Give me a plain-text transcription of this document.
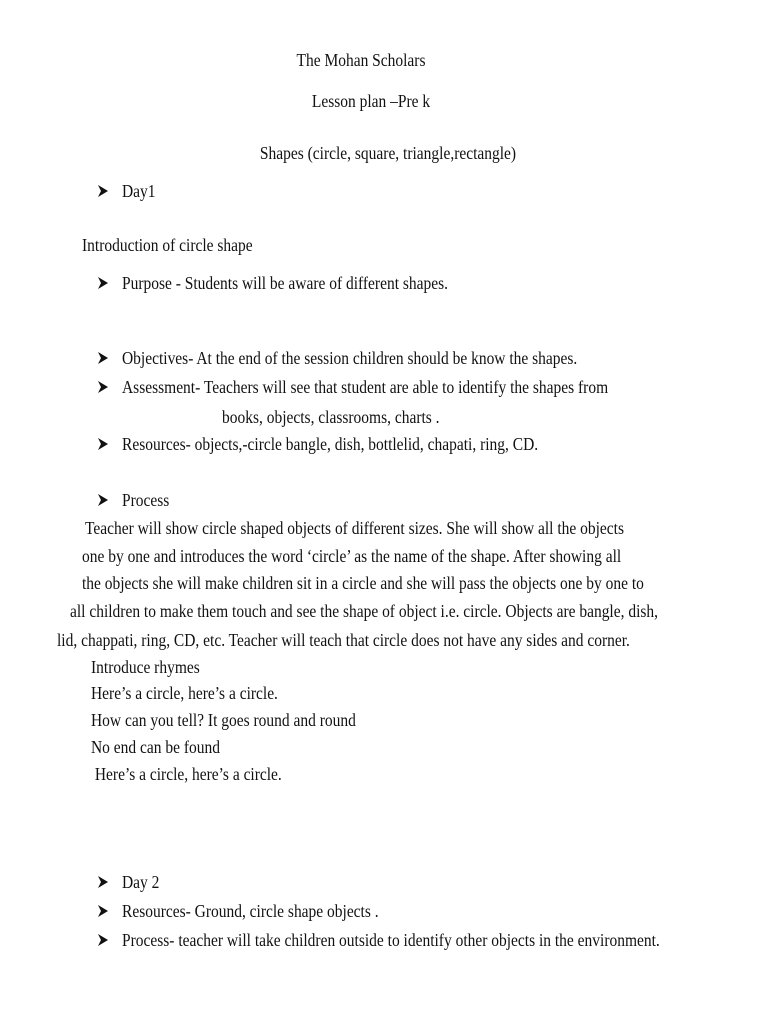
The Mohan Scholars
Lesson plan –Pre k
Shapes (circle, square, triangle,rectangle)
Day1
Introduction of circle shape
Purpose - Students will be aware of different shapes.
Objectives- At the end of the session children should be know the shapes.
Assessment- Teachers will see that student are able to identify the shapes from
books, objects, classrooms, charts .
Resources- objects,-circle bangle, dish, bottlelid, chapati, ring, CD.
Process
Teacher will show circle shaped objects of different sizes. She will show all the objects
one by one and introduces the word ‘circle’ as the name of the shape. After showing all
the objects she will make children sit in a circle and she will pass the objects one by one to
all children to make them touch and see the shape of object i.e. circle. Objects are bangle, dish,
lid, chappati, ring, CD, etc. Teacher will teach that circle does not have any sides and corner.
Introduce rhymes
Here’s a circle, here’s a circle.
How can you tell? It goes round and round
No end can be found
Here’s a circle, here’s a circle.
Day 2
Resources- Ground, circle shape objects .
Process- teacher will take children outside to identify other objects in the environment.
